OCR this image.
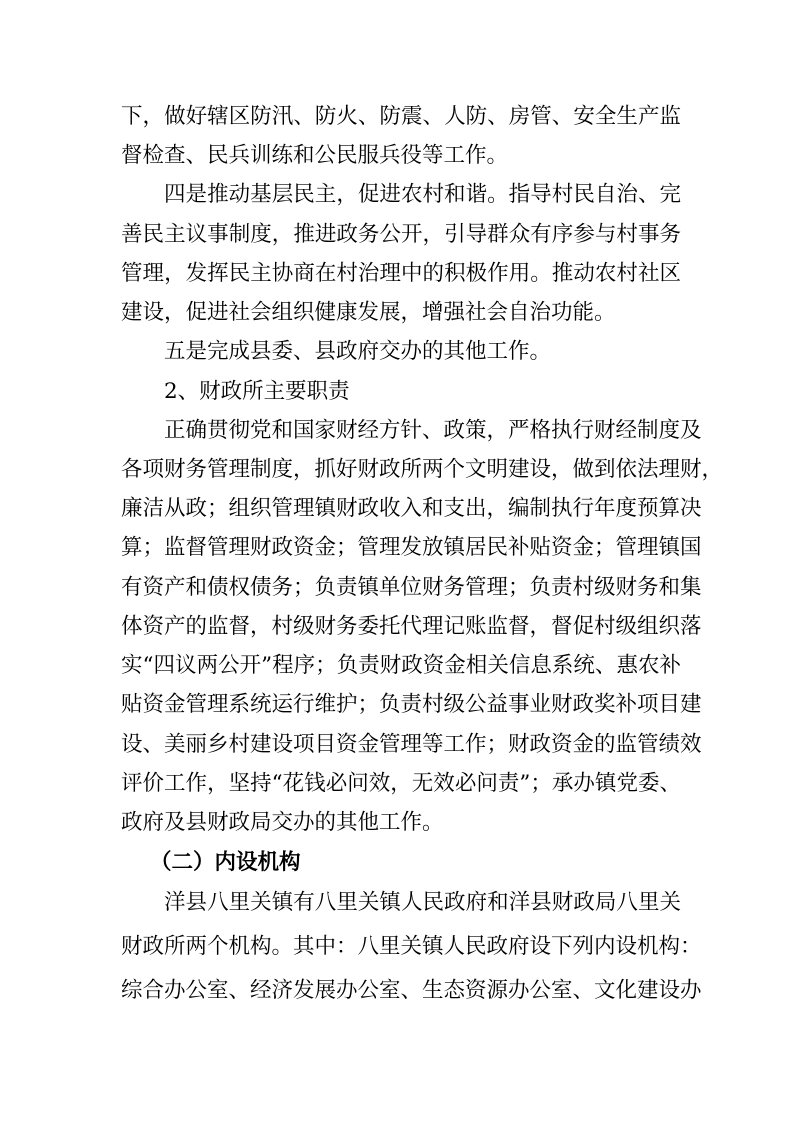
下，做好辖区防汛、防火、防震、人防、房管、安全生产监
督检查、民兵训练和公民服兵役等工作。
四是推动基层民主，促进农村和谐。指导村民自治、完
善民主议事制度，推进政务公开，引导群众有序参与村事务
管理，发挥民主协商在村治理中的积极作用。推动农村社区
建设，促进社会组织健康发展，增强社会自治功能。
五是完成县委、县政府交办的其他工作。
2、财政所主要职责
正确贯彻党和国家财经方针、政策，严格执行财经制度及
各项财务管理制度，抓好财政所两个文明建设，做到依法理财，
廉洁从政；组织管理镇财政收入和支出，编制执行年度预算决
算；监督管理财政资金；管理发放镇居民补贴资金；管理镇国
有资产和债权债务；负责镇单位财务管理；负责村级财务和集
体资产的监督，村级财务委托代理记账监督，督促村级组织落
实“四议两公开”程序；负责财政资金相关信息系统、惠农补
贴资金管理系统运行维护；负责村级公益事业财政奖补项目建
设、美丽乡村建设项目资金管理等工作；财政资金的监管绩效
评价工作，坚持“花钱必问效，无效必问责”；承办镇党委、
政府及县财政局交办的其他工作。
（二）内设机构
洋县八里关镇有八里关镇人民政府和洋县财政局八里关
财政所两个机构。其中：八里关镇人民政府设下列内设机构：
综合办公室、经济发展办公室、生态资源办公室、文化建设办
